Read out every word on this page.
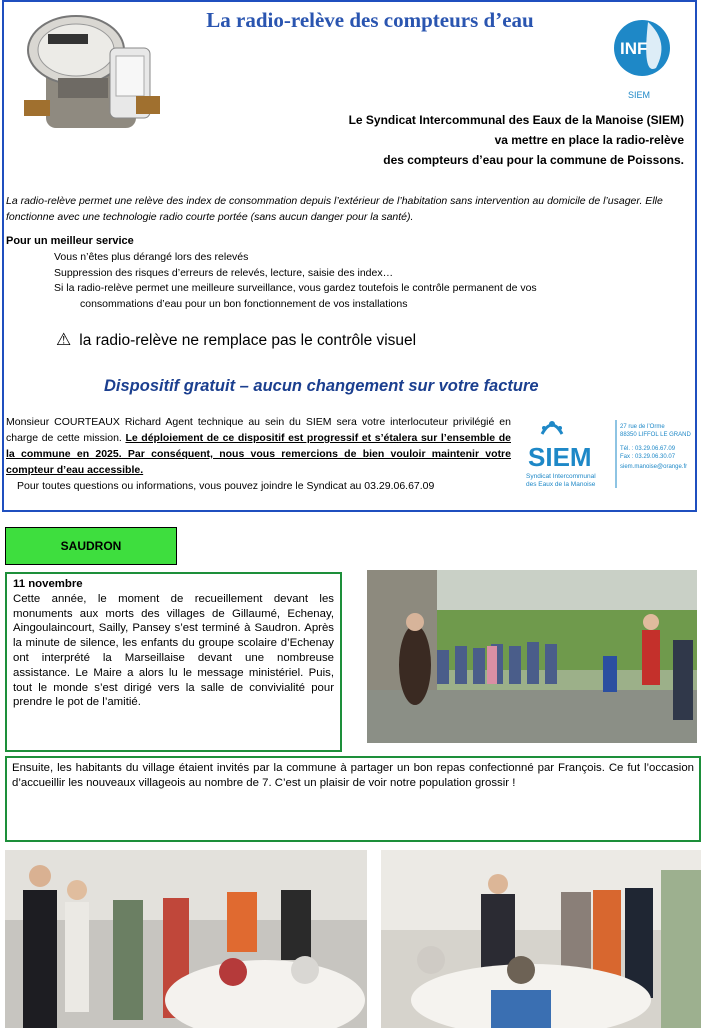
La radio-relève des compteurs d’eau
INF
SIEM
Le Syndicat Intercommunal des Eaux de la Manoise (SIEM)
va mettre en place la radio-relève
des compteurs d’eau pour la commune de Poissons.
La radio-relève permet une relève des index de consommation depuis l’extérieur de l’habitation sans intervention au domicile de l’usager. Elle fonctionne avec une technologie radio courte portée (sans aucun danger pour la santé).
Pour un meilleur service
Vous n’êtes plus dérangé lors des relevés
Suppression des risques d’erreurs de relevés, lecture, saisie des index…
Si la radio-relève permet une meilleure surveillance, vous gardez toutefois le contrôle permanent de vos
consommations d’eau pour un bon fonctionnement de vos installations
⚠ la radio-relève ne remplace pas le contrôle visuel
Dispositif gratuit – aucun changement sur votre facture
Monsieur COURTEAUX Richard Agent technique au sein du SIEM sera votre interlocuteur privilégié en charge de cette mission. Le déploiement de ce dispositif est progressif et s’étalera sur l’ensemble de la commune en 2025. Par conséquent, nous vous remercions de bien vouloir maintenir votre compteur d’eau accessible.
Pour toutes questions ou informations, vous pouvez joindre le Syndicat au 03.29.06.67.09
SIEM
Syndicat Intercommunal
des Eaux de la Manoise
27 rue de l’Orme
88350 LIFFOL LE GRAND
Tél. : 03.29.06.67.09
Fax : 03.29.06.30.07
siem.manoise@orange.fr
SAUDRON
11 novembre
Cette année, le moment de recueillement devant les monuments aux morts des villages de Gillaumé, Echenay, Aingoulaincourt, Sailly, Pansey s’est terminé à Saudron. Après la minute de silence, les enfants du groupe scolaire d’Echenay ont interprété la Marseillaise devant une nombreuse assistance. Le Maire a alors lu le message ministériel. Puis, tout le monde s’est dirigé vers la salle de convivialité pour prendre le pot de l’amitié.
Ensuite, les habitants du village étaient invités par la commune à partager un bon repas confectionné par François. Ce fut l’occasion d’accueillir les nouveaux villageois au nombre de 7. C’est un plaisir de voir notre population grossir !
